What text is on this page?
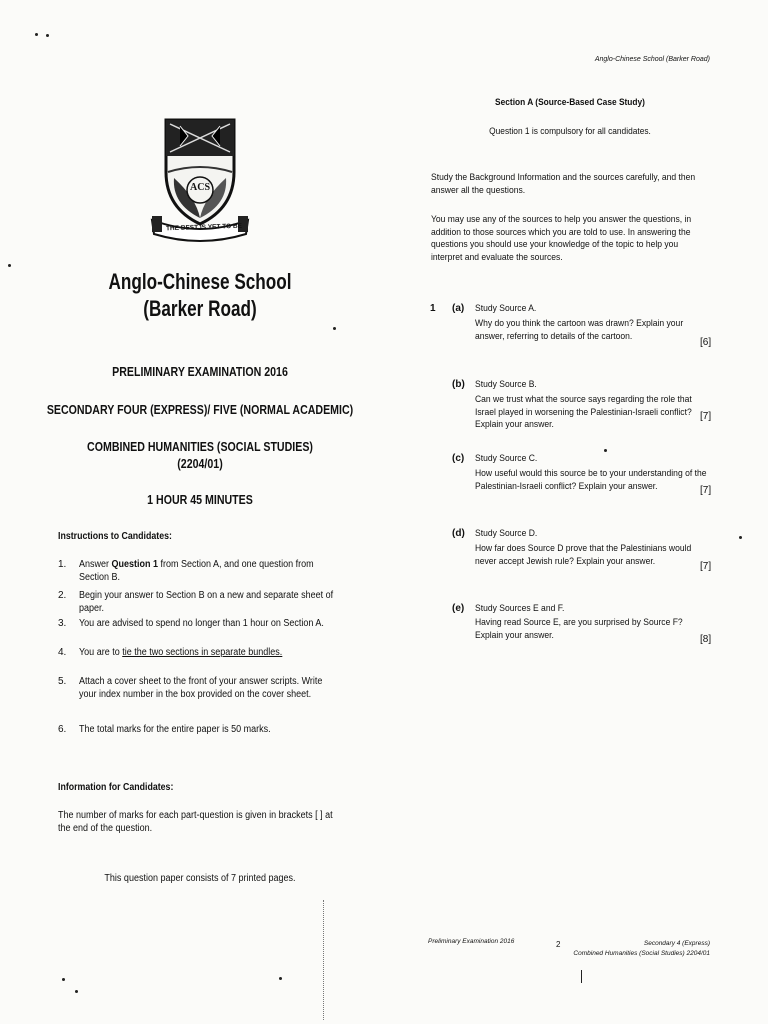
ACS
THE BEST IS YET TO BE
Anglo-Chinese School
(Barker Road)
PRELIMINARY EXAMINATION 2016
SECONDARY FOUR (EXPRESS)/ FIVE (NORMAL ACADEMIC)
COMBINED HUMANITIES (SOCIAL STUDIES)
(2204/01)
1 HOUR 45 MINUTES
Instructions to Candidates:
1. Answer Question 1 from Section A, and one question from Section B.
2. Begin your answer to Section B on a new and separate sheet of paper.
3. You are advised to spend no longer than 1 hour on Section A.
4. You are to tie the two sections in separate bundles.
5. Attach a cover sheet to the front of your answer scripts. Write your index number in the box provided on the cover sheet.
6. The total marks for the entire paper is 50 marks.
Information for Candidates:
The number of marks for each part-question is given in brackets [ ] at the end of the question.
This question paper consists of 7 printed pages.
Anglo-Chinese School (Barker Road)
Section A (Source-Based Case Study)
Question 1 is compulsory for all candidates.
Study the Background Information and the sources carefully, and then answer all the questions.
You may use any of the sources to help you answer the questions, in addition to those sources which you are told to use. In answering the questions you should use your knowledge of the topic to help you interpret and evaluate the sources.
1 (a) Study Source A.
Why do you think the cartoon was drawn? Explain your answer, referring to details of the cartoon.
[6]
(b) Study Source B.
Can we trust what the source says regarding the role that Israel played in worsening the Palestinian-Israeli conflict? Explain your answer.
[7]
(c) Study Source C.
How useful would this source be to your understanding of the Palestinian-Israeli conflict? Explain your answer.	[7]
(d) Study Source D.
How far does Source D prove that the Palestinians would never accept Jewish rule? Explain your answer.	[7]
(e) Study Sources E and F.
Having read Source E, are you surprised by Source F? Explain your answer.	[8]
Preliminary Examination 2016	2	Secondary 4 (Express)
Combined Humanities (Social Studies) 2204/01
